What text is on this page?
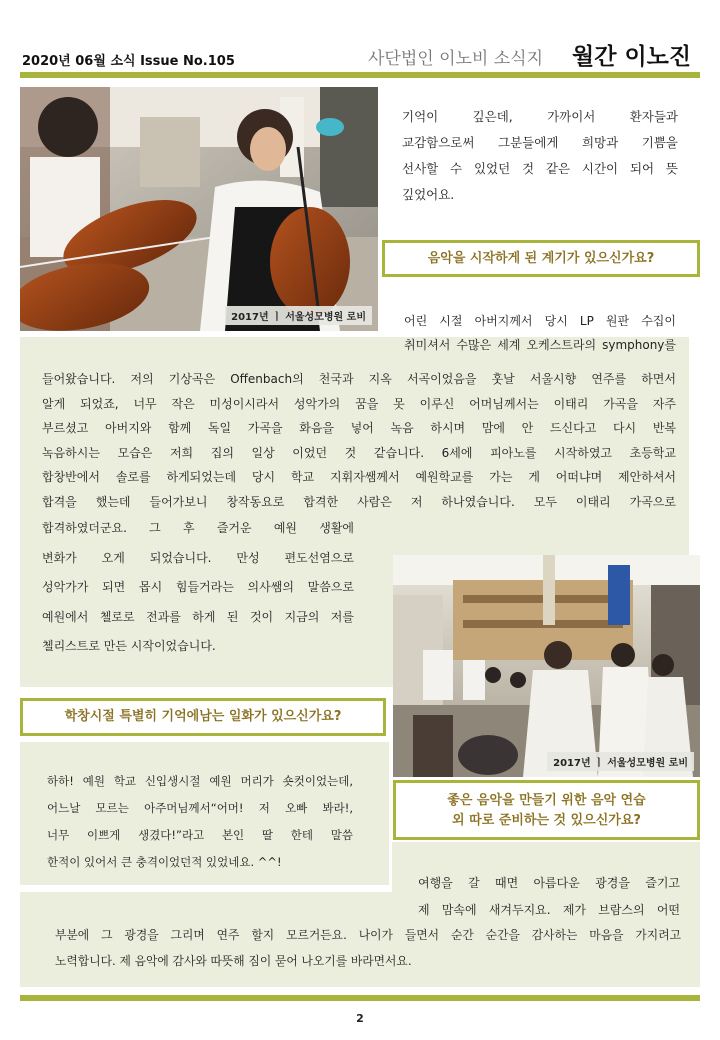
2020년 06월 소식 Issue No.105	사단법인 이노비 소식지 월간 이노진
2017년 ㅣ 서울성모병원 로비
기억이 깊은데, 가까이서 환자들과
교감함으로써 그분들에게 희망과 기쁨을
선사할 수 있었던 것 같은 시간이 되어 뜻
깊었어요.
음악을 시작하게 된 계기가 있으신가요?
어린 시절 아버지께서 당시 LP 원판 수집이
취미셔서 수많은 세계 오케스트라의 symphony를
들어왔습니다. 저의 기상곡은 Offenbach의 천국과 지옥 서곡이었음을 훗날 서울시향 연주를 하면서
알게 되었죠, 너무 작은 미성이시라서 성악가의 꿈을 못 이루신 어머님께서는 이태리 가곡을 자주
부르셨고 아버지와 함께 독일 가곡을 화음을 넣어 녹음 하시며 맘에 안 드신다고 다시 반복
녹음하시는 모습은 저희 집의 일상 이었던 것 같습니다. 6세에 피아노를 시작하였고 초등학교
합창반에서 솔로를 하게되었는데 당시 학교 지휘자쌤께서 예원학교를 가는 게 어떠냐며 제안하셔서
합격을 했는데 들어가보니 창작동요로 합격한 사람은 저 하나였습니다. 모두 이태리 가곡으로
합격하였더군요. 그 후 즐거운 예원 생활에
변화가 오게 되었습니다. 만성 편도선염으로
성악가가 되면 몹시 힘들거라는 의사쌤의 말씀으로
예원에서 첼로로 전과를 하게 된 것이 지금의 저를
첼리스트로 만든 시작이었습니다.
2017년 ㅣ 서울성모병원 로비
학창시절 특별히 기억에남는 일화가 있으신가요?
하하! 예원 학교 신입생시절 예원 머리가 숏컷이었는데,
어느날 모르는 아주머님께서“어머! 저 오빠 봐라!,
너무 이쁘게 생겼다!”라고 본인 딸 한테 말씀
한적이 있어서 큰 충격이었던적 있었네요. ^^!
좋은 음악을 만들기 위한 음악 연습
외 따로 준비하는 것 있으신가요?
여행을 갈 때면 아름다운 광경을 즐기고
제 맘속에 새겨두지요. 제가 브람스의 어떤
부분에 그 광경을 그리며 연주 할지 모르거든요. 나이가 들면서 순간 순간을 감사하는 마음을 가지려고
노력합니다. 제 음악에 감사와 따뜻해 짐이 묻어 나오기를 바라면서요.
2
